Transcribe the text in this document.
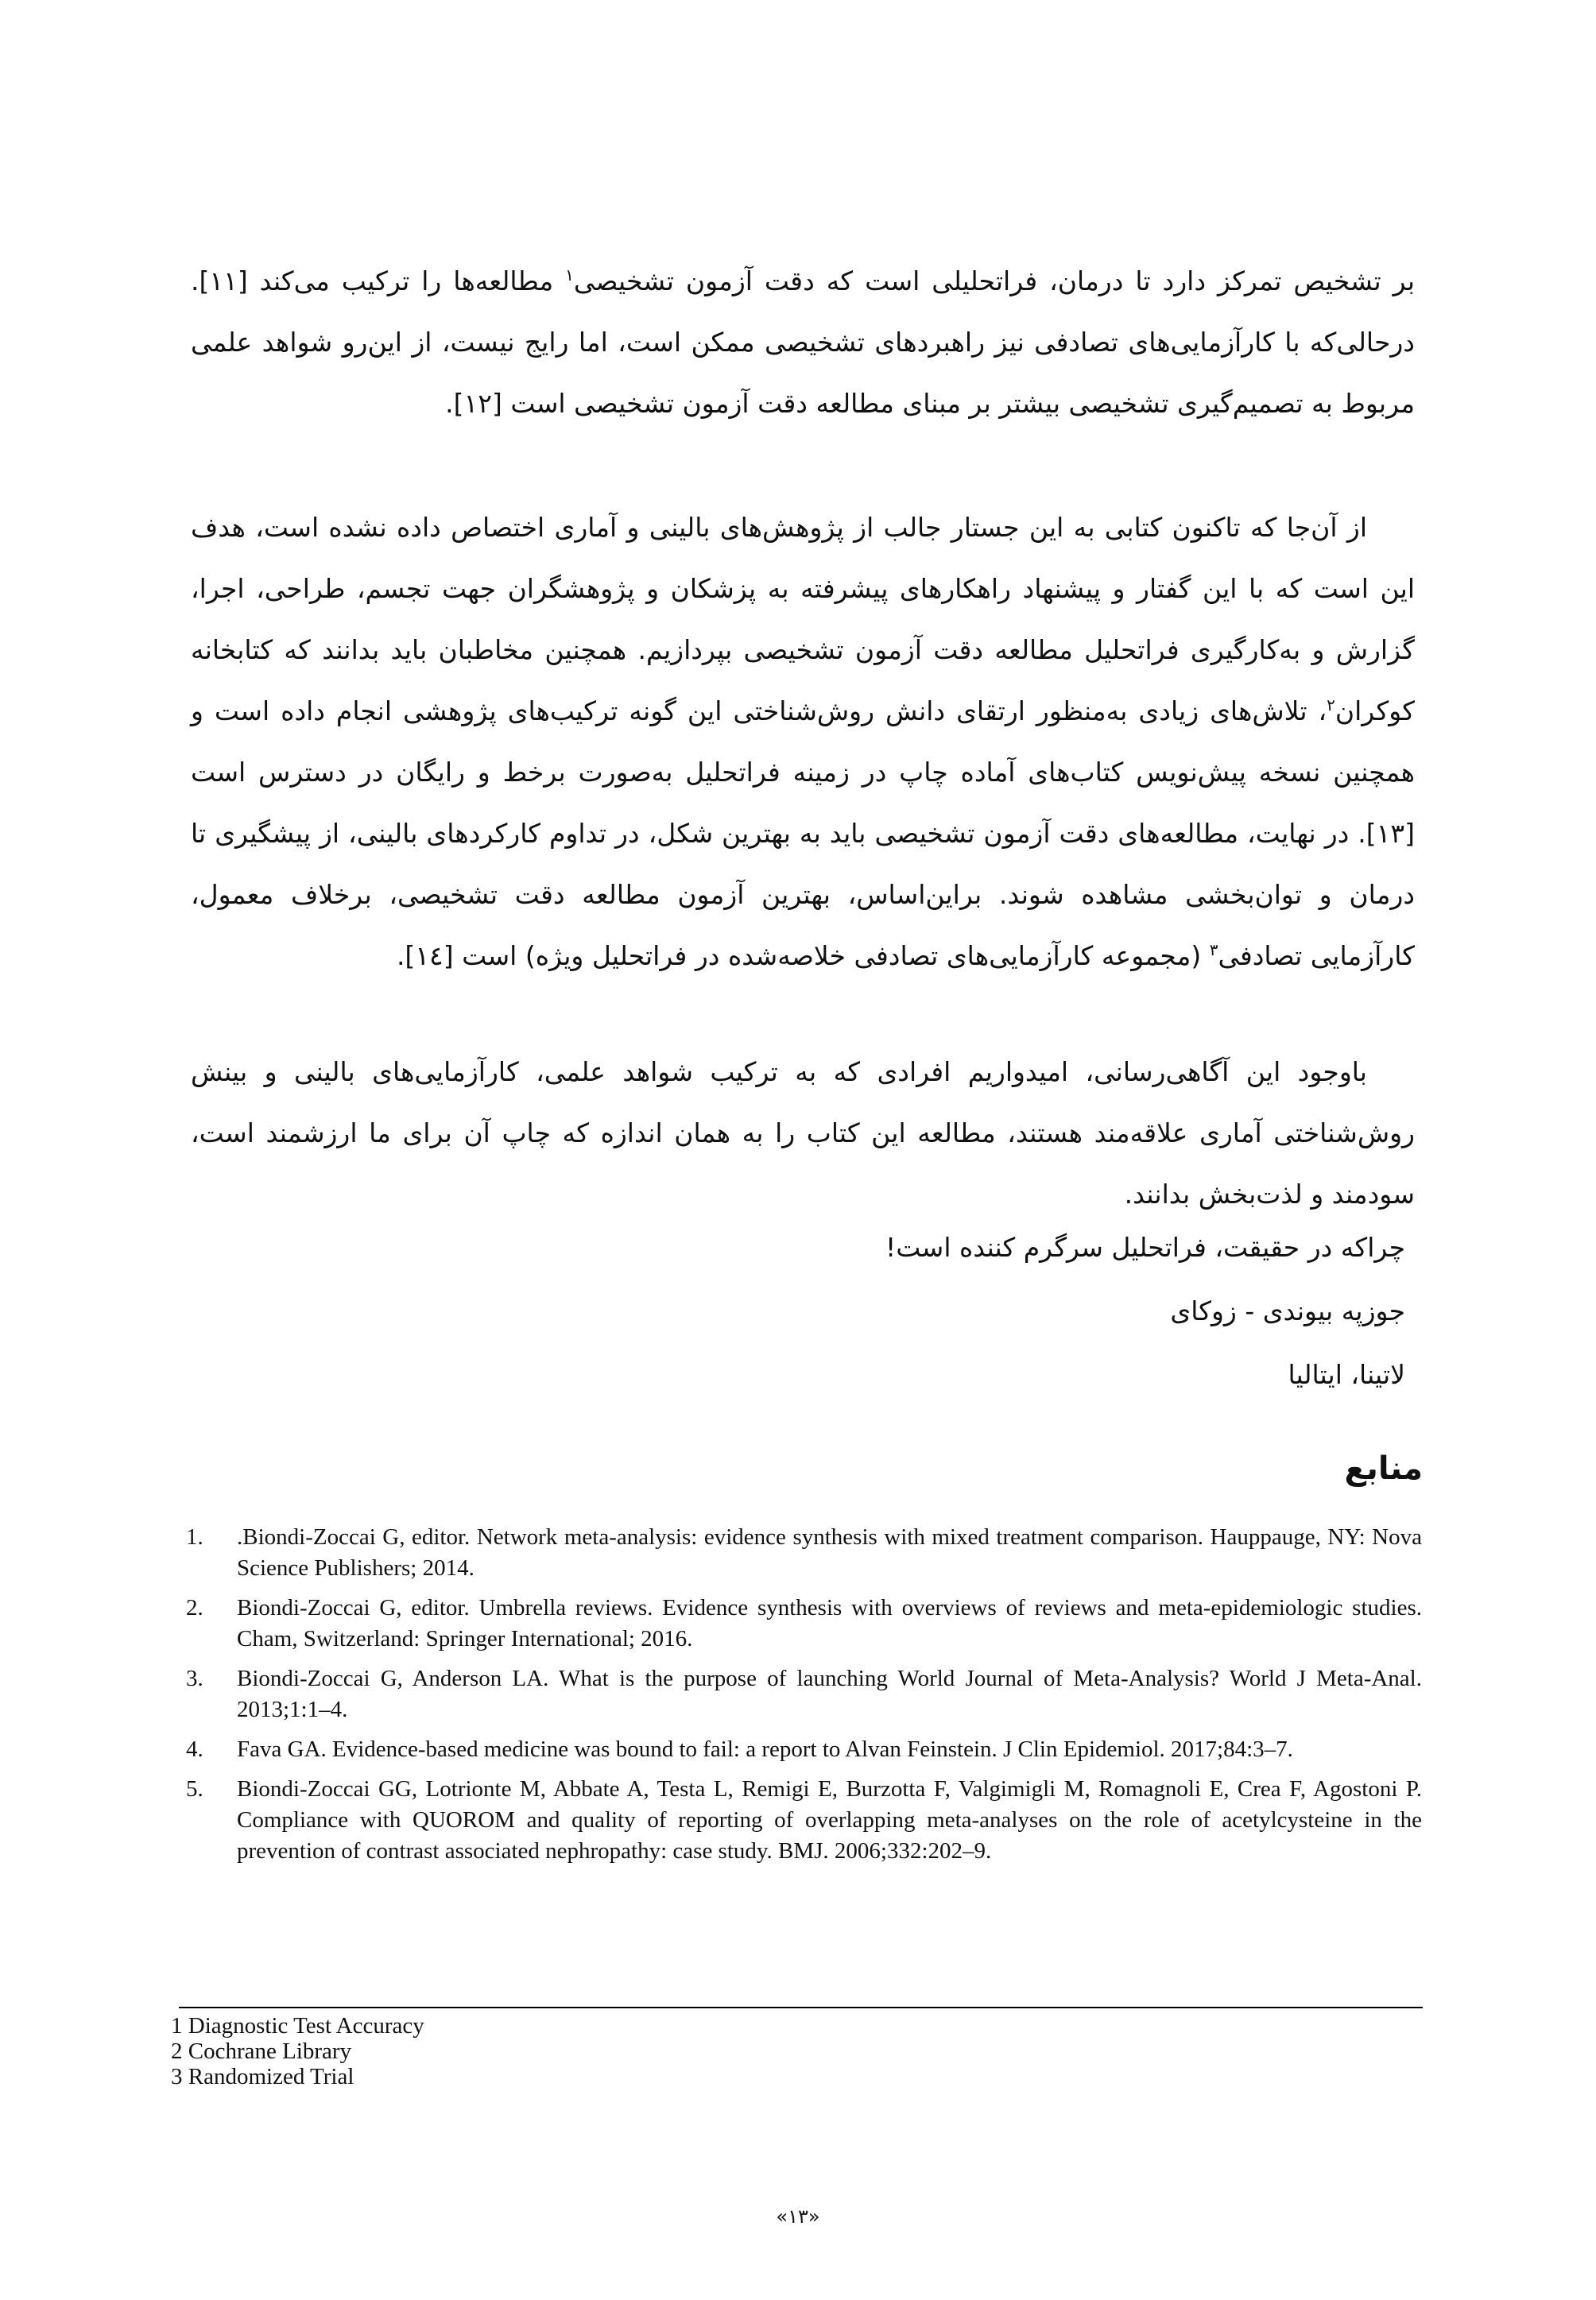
بر تشخیص تمرکز دارد تا درمان، فراتحلیلی است که دقت آزمون تشخیصی$^۱$ مطالعه‌ها را ترکیب می‌کند [۱۱]. درحالی‌که با کارآزمایی‌های تصادفی نیز راهبردهای تشخیصی ممکن است، اما رایج نیست، از این‌رو شواهد علمی مربوط به تصمیم‌گیری تشخیصی بیشتر بر مبنای مطالعه دقت آزمون تشخیصی است [۱۲].

از آن‌جا که تاکنون کتابی به این جستار جالب از پژوهش‌های بالینی و آماری اختصاص داده نشده است، هدف این است که با این گفتار و پیشنهاد راهکارهای پیشرفته به پزشکان و پژوهشگران جهت تجسم، طراحی، اجرا، گزارش و به‌کارگیری فراتحلیل مطالعه دقت آزمون تشخیصی بپردازیم. همچنین مخاطبان باید بدانند که کتابخانه کوکران$^۲$، تلاش‌های زیادی به‌منظور ارتقای دانش روش‌شناختی این گونه ترکیب‌های پژوهشی انجام داده است و همچنین نسخه پیش‌نویس کتاب‌های آماده چاپ در زمینه فراتحلیل به‌صورت برخط و رایگان در دسترس است [۱۳]. در نهایت، مطالعه‌های دقت آزمون تشخیصی باید به بهترین شکل، در تداوم کارکردهای بالینی، از پیشگیری تا درمان و توان‌بخشی مشاهده شوند. براین‌اساس، بهترین آزمون مطالعه دقت تشخیصی، برخلاف معمول، کارآزمایی تصادفی$^۳$ (مجموعه کارآزمایی‌های تصادفی خلاصه‌شده در فراتحلیل ویژه) است [۱٤].

باوجود این آگاهی‌رسانی، امیدواریم افرادی که به ترکیب شواهد علمی، کارآزمایی‌های بالینی و بینش روش‌شناختی آماری علاقه‌مند هستند، مطالعه این کتاب را به همان اندازه که چاپ آن برای ما ارزشمند است، سودمند و لذت‌بخش بدانند.

چراکه در حقیقت، فراتحلیل سرگرم کننده است!
جوزپه بیوندی - زوکای
لاتینا، ایتالیا
منابع
1. .Biondi-Zoccai G, editor. Network meta-analysis: evidence synthesis with mixed treatment comparison. Hauppauge, NY: Nova Science Publishers; 2014.
2. Biondi-Zoccai G, editor. Umbrella reviews. Evidence synthesis with overviews of reviews and meta-epidemiologic studies. Cham, Switzerland: Springer International; 2016.
3. Biondi-Zoccai G, Anderson LA. What is the purpose of launching World Journal of Meta-Analysis? World J Meta-Anal. 2013;1:1–4.
4. Fava GA. Evidence-based medicine was bound to fail: a report to Alvan Feinstein. J Clin Epidemiol. 2017;84:3–7.
5. Biondi-Zoccai GG, Lotrionte M, Abbate A, Testa L, Remigi E, Burzotta F, Valgimigli M, Romagnoli E, Crea F, Agostoni P. Compliance with QUOROM and quality of reporting of overlapping meta-analyses on the role of acetylcysteine in the prevention of contrast associated nephropathy: case study. BMJ. 2006;332:202–9.
1 Diagnostic Test Accuracy
2 Cochrane Library
3 Randomized Trial
«۱۳»
